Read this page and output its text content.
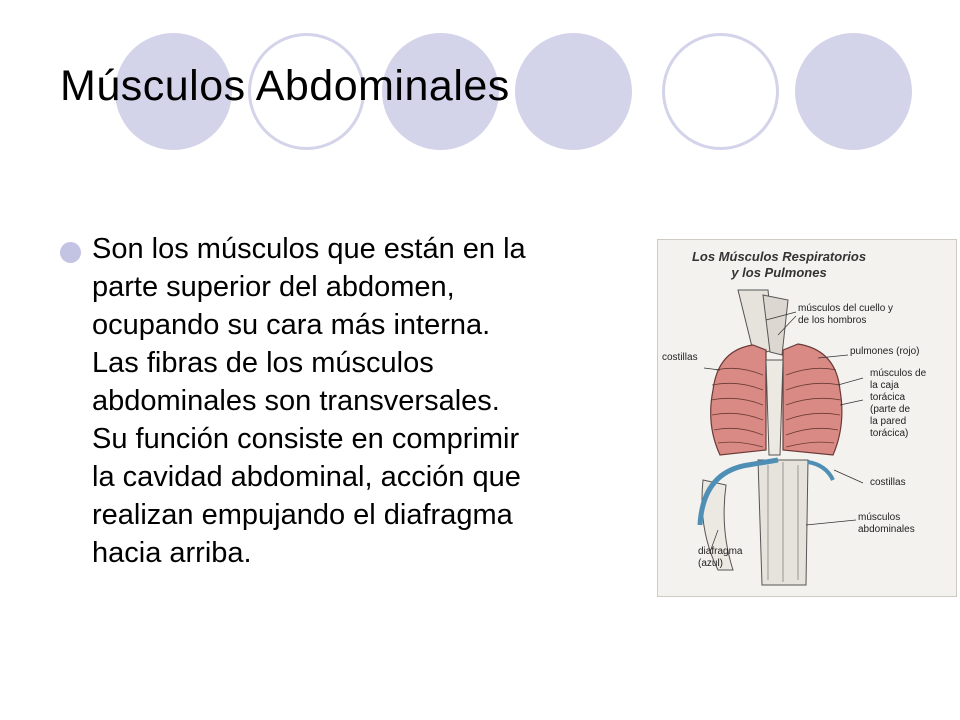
Músculos Abdominales
Son los músculos que están en la
parte superior del abdomen,
ocupando su cara más interna.
Las fibras de los músculos
abdominales son transversales.
Su función consiste en comprimir
la cavidad abdominal, acción que
realizan empujando el diafragma
hacia arriba.
Los Músculos Respiratorios
y los Pulmones
músculos del cuello y
de los hombros
costillas
pulmones (rojo)
músculos de
la caja
torácica
(parte de
la pared
torácica)
costillas
músculos
abdominales
diafragma
(azul)
